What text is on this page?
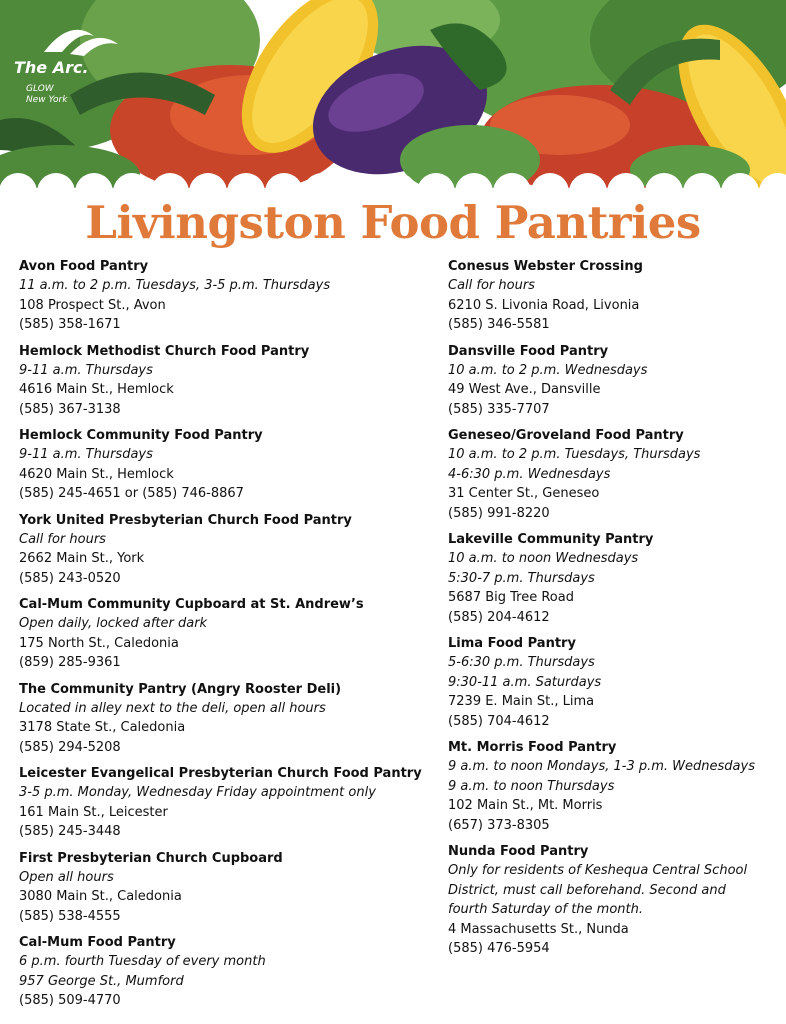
The Arc.
GLOW
New York
Livingston Food Pantries
Avon Food Pantry
11 a.m. to 2 p.m. Tuesdays, 3-5 p.m. Thursdays
108 Prospect St., Avon
(585) 358-1671
Hemlock Methodist Church Food Pantry
9-11 a.m. Thursdays
4616 Main St., Hemlock
(585) 367-3138
Hemlock Community Food Pantry
9-11 a.m. Thursdays
4620 Main St., Hemlock
(585) 245-4651 or (585) 746-8867
York United Presbyterian Church Food Pantry
Call for hours
2662 Main St., York
(585) 243-0520
Cal-Mum Community Cupboard at St. Andrew’s
Open daily, locked after dark
175 North St., Caledonia
(859) 285-9361
The Community Pantry (Angry Rooster Deli)
Located in alley next to the deli, open all hours
3178 State St., Caledonia
(585) 294-5208
Leicester Evangelical Presbyterian Church Food Pantry
3-5 p.m. Monday, Wednesday Friday appointment only
161 Main St., Leicester
(585) 245-3448
First Presbyterian Church Cupboard
Open all hours
3080 Main St., Caledonia
(585) 538-4555
Cal-Mum Food Pantry
6 p.m. fourth Tuesday of every month
957 George St., Mumford
(585) 509-4770
Conesus Webster Crossing
Call for hours
6210 S. Livonia Road, Livonia
(585) 346-5581
Dansville Food Pantry
10 a.m. to 2 p.m. Wednesdays
49 West Ave., Dansville
(585) 335-7707
Geneseo/Groveland Food Pantry
10 a.m. to 2 p.m. Tuesdays, Thursdays
4-6:30 p.m. Wednesdays
31 Center St., Geneseo
(585) 991-8220
Lakeville Community Pantry
10 a.m. to noon Wednesdays
5:30-7 p.m. Thursdays
5687 Big Tree Road
(585) 204-4612
Lima Food Pantry
5-6:30 p.m. Thursdays
9:30-11 a.m. Saturdays
7239 E. Main St., Lima
(585) 704-4612
Mt. Morris Food Pantry
9 a.m. to noon Mondays, 1-3 p.m. Wednesdays
9 a.m. to noon Thursdays
102 Main St., Mt. Morris
(657) 373-8305
Nunda Food Pantry
Only for residents of Keshequa Central School
District, must call beforehand. Second and
fourth Saturday of the month.
4 Massachusetts St., Nunda
(585) 476-5954
